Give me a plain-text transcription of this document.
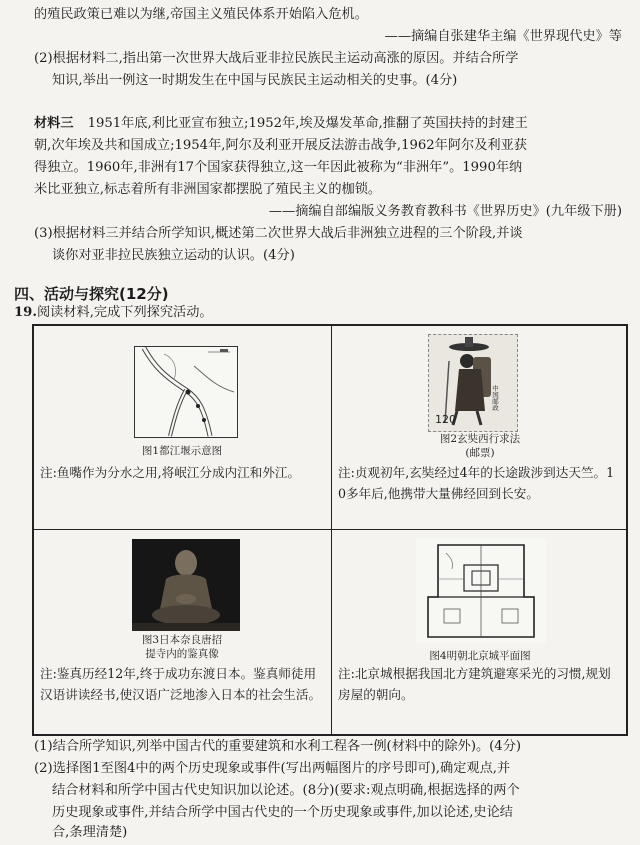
的殖民政策已难以为继,帝国主义殖民体系开始陷入危机。
——摘编自张建华主编《世界现代史》等
(2)根据材料二,指出第一次世界大战后亚非拉民族民主运动高涨的原因。并结合所学
知识,举出一例这一时期发生在中国与民族民主运动相关的史事。(4分)
材料三 1951年底,利比亚宣布独立;1952年,埃及爆发革命,推翻了英国扶持的封建王
朝,次年埃及共和国成立;1954年,阿尔及利亚开展反法游击战争,1962年阿尔及利亚获
得独立。1960年,非洲有17个国家获得独立,这一年因此被称为“非洲年”。1990年纳
米比亚独立,标志着所有非洲国家都摆脱了殖民主义的枷锁。
——摘编自部编版义务教育教科书《世界历史》(九年级下册)
(3)根据材料三并结合所学知识,概述第二次世界大战后非洲独立进程的三个阶段,并谈
谈你对亚非拉民族独立运动的认识。(4分)
四、活动与探究(12分)
19.阅读材料,完成下列探究活动。
图1都江堰示意图
注:鱼嘴作为分水之用,将岷江分成内江和外江。
120
中国邮政
图2玄奘西行求法
(邮票)
注:贞观初年,玄奘经过4年的长途跋涉到达天竺。10多年后,他携带大量佛经回到长安。
图3日本奈良唐招
提寺内的鉴真像
注:鉴真历经12年,终于成功东渡日本。鉴真师徒用汉语讲读经书,使汉语广泛地渗入日本的社会生活。
图4明朝北京城平面图
注:北京城根据我国北方建筑避寒采光的习惯,规划房屋的朝向。
(1)结合所学知识,列举中国古代的重要建筑和水利工程各一例(材料中的除外)。(4分)
(2)选择图1至图4中的两个历史现象或事件(写出两幅图片的序号即可),确定观点,并
结合材料和所学中国古代史知识加以论述。(8分)(要求:观点明确,根据选择的两个
历史现象或事件,并结合所学中国古代史的一个历史现象或事件,加以论述,史论结
合,条理清楚)
